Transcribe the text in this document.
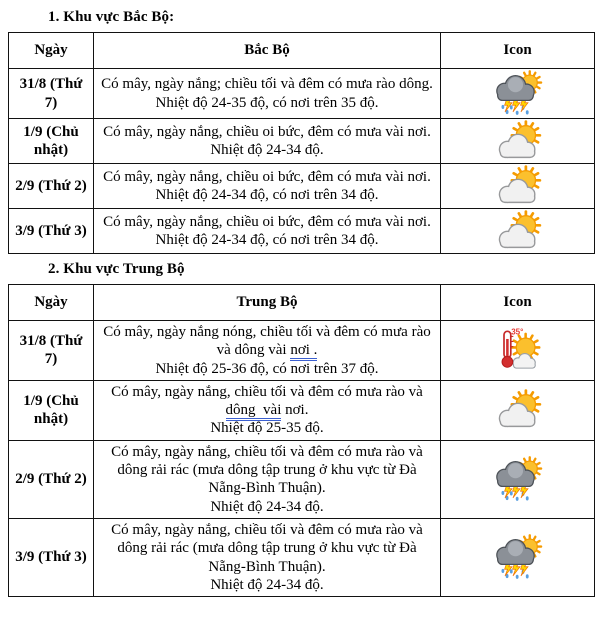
1. Khu vực Bắc Bộ:
Ngày	Bắc Bộ	Icon
31/8 (Thứ 7)	Có mây, ngày nắng; chiều tối và đêm có mưa rào dông.
Nhiệt độ 24-35 độ, có nơi trên 35 độ.

1/9 (Chủ nhật)	Có mây, ngày nắng, chiều oi bức, đêm có mưa vài nơi.
Nhiệt độ 24-34 độ.

2/9 (Thứ 2)	Có mây, ngày nắng, chiều oi bức, đêm có mưa vài nơi.
Nhiệt độ 24-34 độ, có nơi trên 34 độ.

3/9 (Thứ 3)	Có mây, ngày nắng, chiều oi bức, đêm có mưa vài nơi.
Nhiệt độ 24-34 độ, có nơi trên 34 độ.

2. Khu vực Trung Bộ
Ngày	Trung Bộ	Icon
31/8 (Thứ 7)	Có mây, ngày nắng nóng, chiều tối và đêm có mưa rào và dông vài nơi .
Nhiệt độ 25-36 độ, có nơi trên 37 độ.	35°

1/9 (Chủ nhật)	Có mây, ngày nắng, chiều tối và đêm có mưa rào và dông  vài nơi.
Nhiệt độ 25-35 độ.

2/9 (Thứ 2)	Có mây, ngày nắng, chiều tối và đêm có mưa rào và dông rải rác (mưa dông tập trung ở khu vực từ Đà Nẵng-Bình Thuận).
Nhiệt độ 24-34 độ.

3/9 (Thứ 3)	Có mây, ngày nắng, chiều tối và đêm có mưa rào và dông rải rác (mưa dông tập trung ở khu vực từ Đà Nẵng-Bình Thuận).
Nhiệt độ 24-34 độ.
